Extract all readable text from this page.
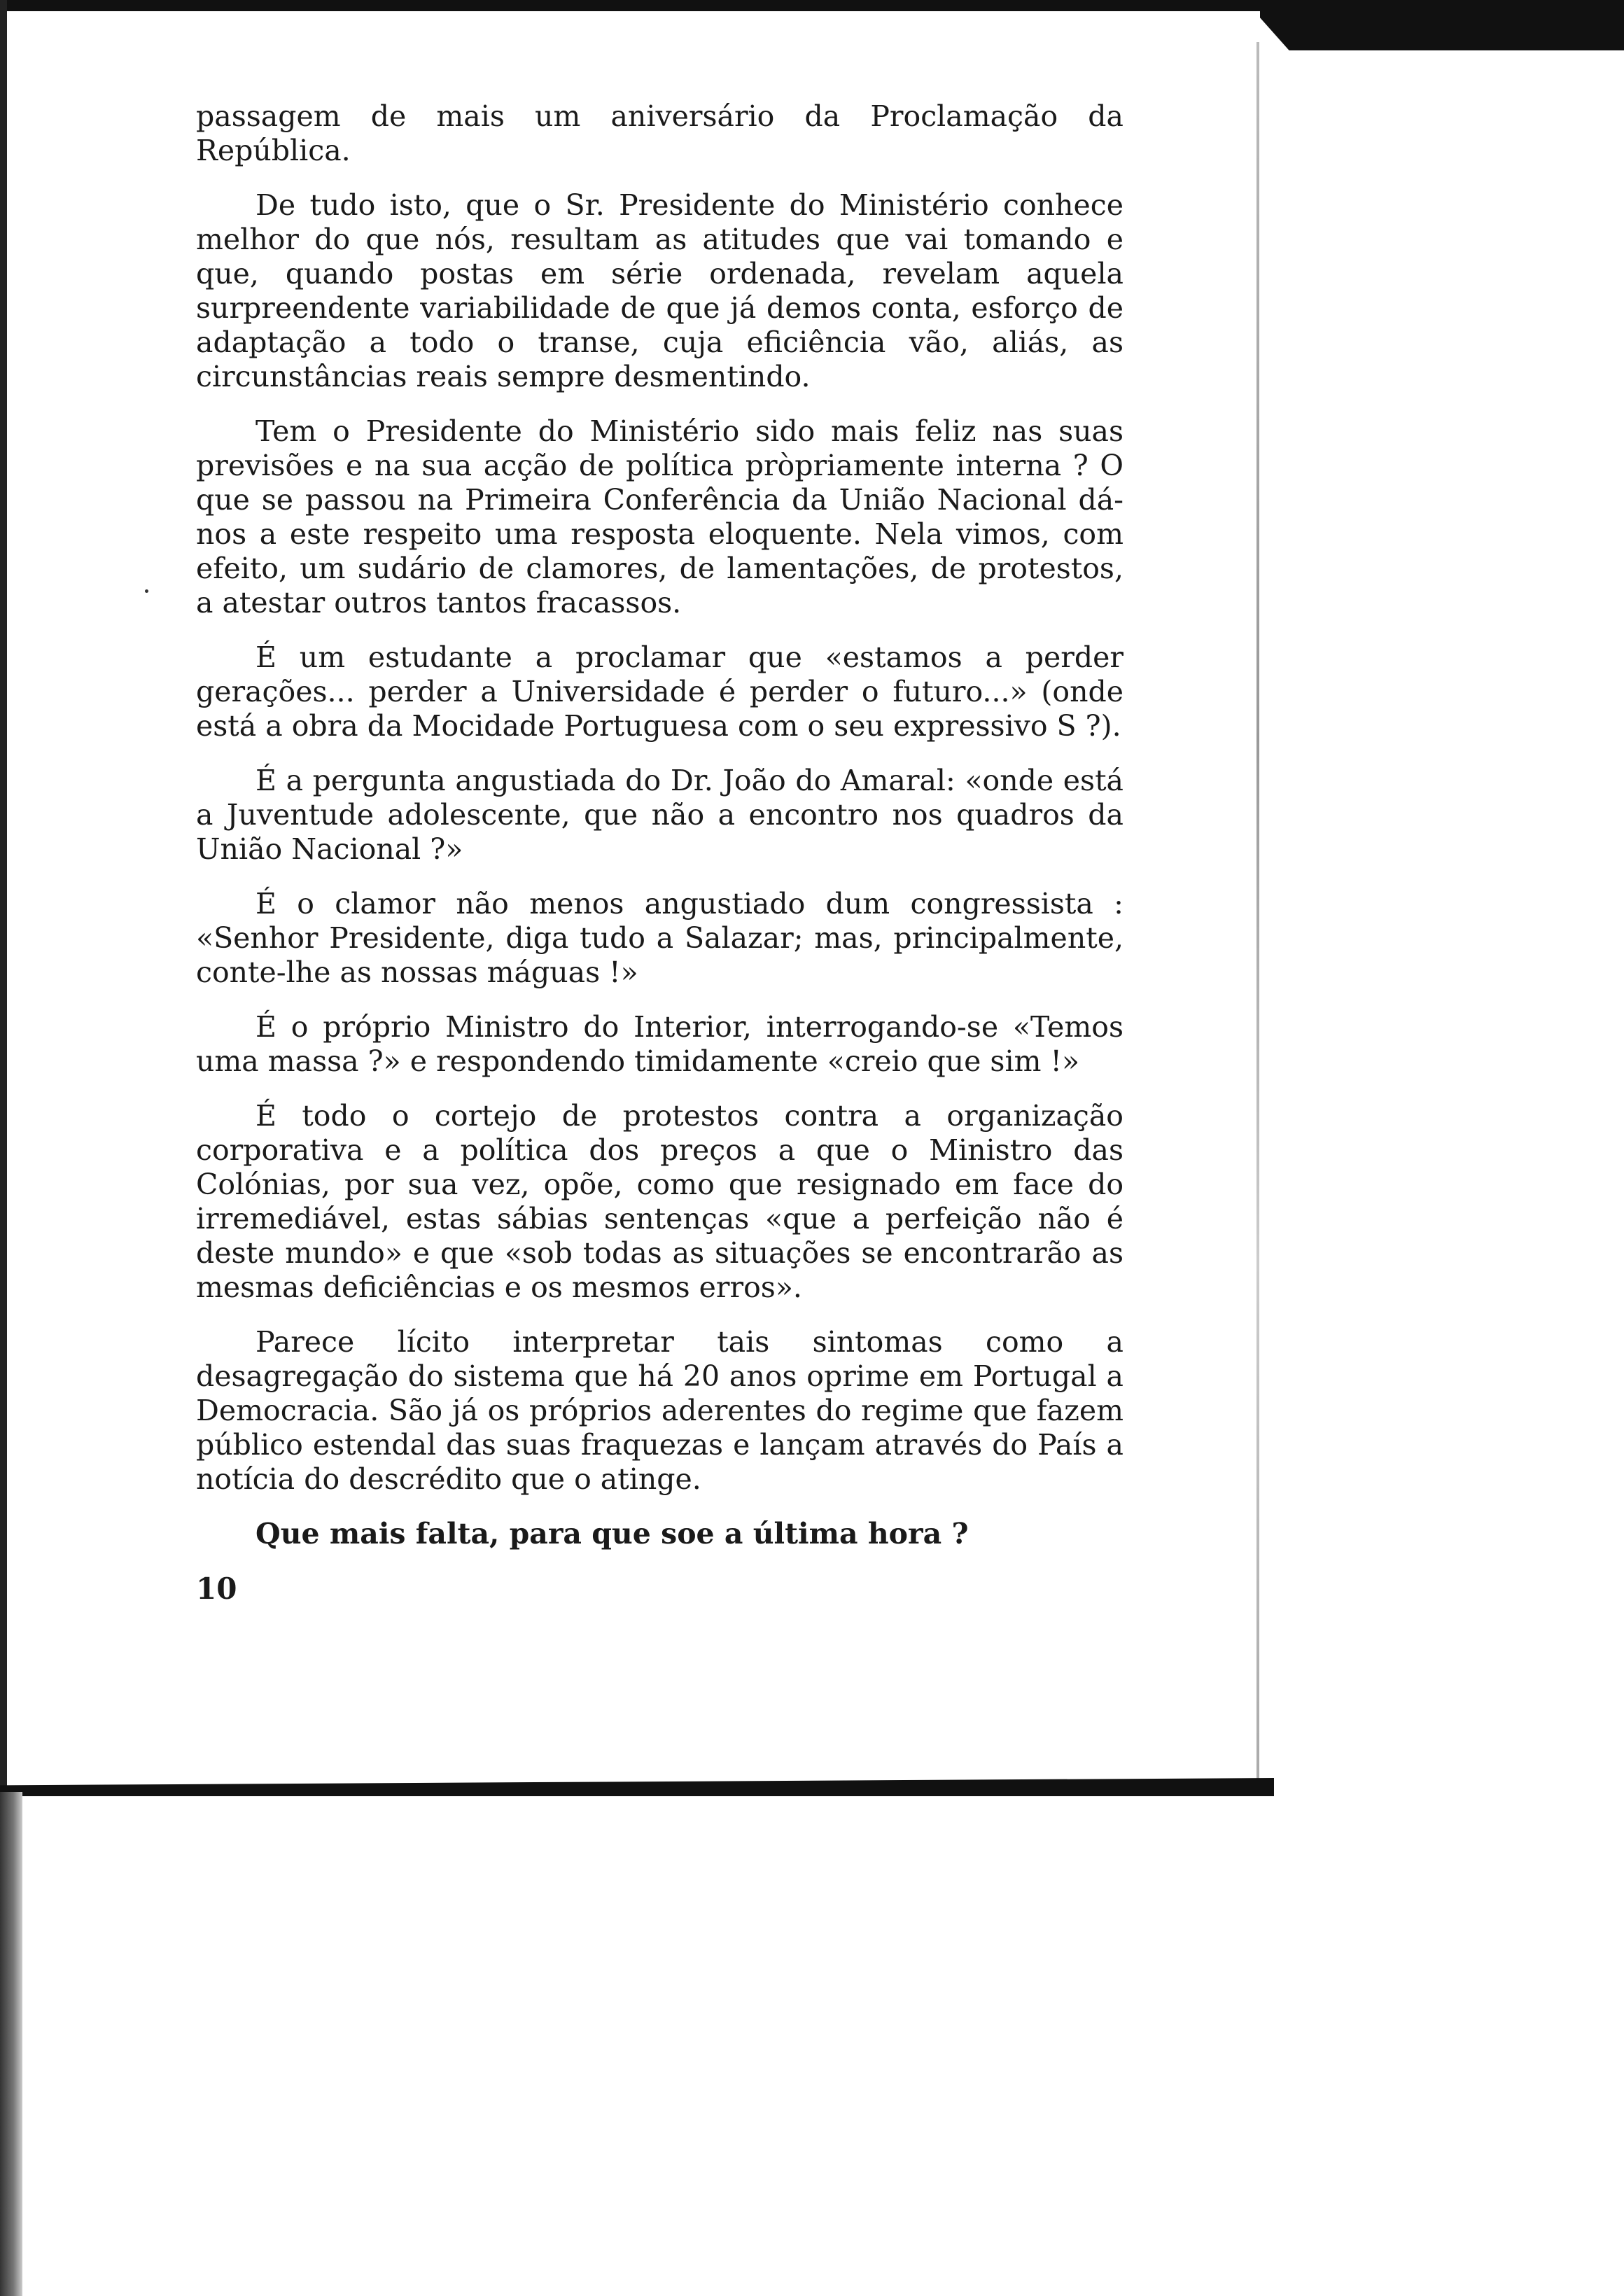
passagem de mais um aniversário da Proclamação da República.

De tudo isto, que o Sr. Presidente do Ministério conhece melhor do que nós, resultam as atitudes que vai tomando e que, quando postas em série ordenada, revelam aquela surpreendente variabilidade de que já demos conta, esforço de adaptação a todo o transe, cuja eficiência vão, aliás, as circunstâncias reais sempre desmentindo.

Tem o Presidente do Ministério sido mais feliz nas suas previsões e na sua acção de política pròpriamente interna ? O que se passou na Primeira Conferência da União Nacional dá-nos a este respeito uma resposta eloquente. Nela vimos, com efeito, um sudário de clamores, de lamentações, de protestos, a atestar outros tantos fracassos.

É um estudante a proclamar que «estamos a perder gerações... perder a Universidade é perder o futuro...» (onde está a obra da Mocidade Portuguesa com o seu expressivo S ?).

É a pergunta angustiada do Dr. João do Amaral: «onde está a Juventude adolescente, que não a encontro nos quadros da União Nacional ?»

É o clamor não menos angustiado dum congressista : «Senhor Presidente, diga tudo a Salazar; mas, principalmente, conte-lhe as nossas máguas !»

É o próprio Ministro do Interior, interrogando-se «Temos uma massa ?» e respondendo timidamente «creio que sim !»

É todo o cortejo de protestos contra a organização corporativa e a política dos preços a que o Ministro das Colónias, por sua vez, opõe, como que resignado em face do irremediável, estas sábias sentenças «que a perfeição não é deste mundo» e que «sob todas as situações se encontrarão as mesmas deficiências e os mesmos erros».

Parece lícito interpretar tais sintomas como a desagregação do sistema que há 20 anos oprime em Portugal a Democracia. São já os próprios aderentes do regime que fazem público estendal das suas fraquezas e lançam através do País a notícia do descrédito que o atinge.

Que mais falta, para que soe a última hora ?

10
